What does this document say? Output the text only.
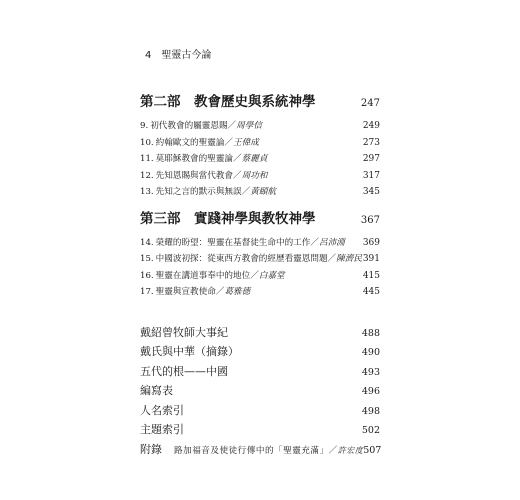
4 聖靈古今論
第二部　教會歷史與系統神學	247
9. 初代教會的屬靈恩賜／周學信	249
10. 約翰歐文的聖靈論／王偉成	273
11. 莫耶穌教會的聖靈論／蔡麗貞	297
12. 先知恩賜與當代教會／周功和	317
13. 先知之言的默示與無誤／黃頤航	345
第三部　實踐神學與教牧神學	367
14. 榮耀的盼望：聖靈在基督徒生命中的工作／呂沛淵 369
15. 中國波初探：從東西方教會的經歷看靈恩問題／陳濟民 391
16. 聖靈在講道事奉中的地位／白嘉堂	415
17. 聖靈與宣教使命／葛雅德	445
戴紹曾牧師大事紀	488
戴氏與中華（摘錄）	490
五代的根——中國	493
編寫表	496
人名索引	498
主題索引	502
附錄 路加福音及使徒行傳中的「聖靈充滿」／許宏度 507
